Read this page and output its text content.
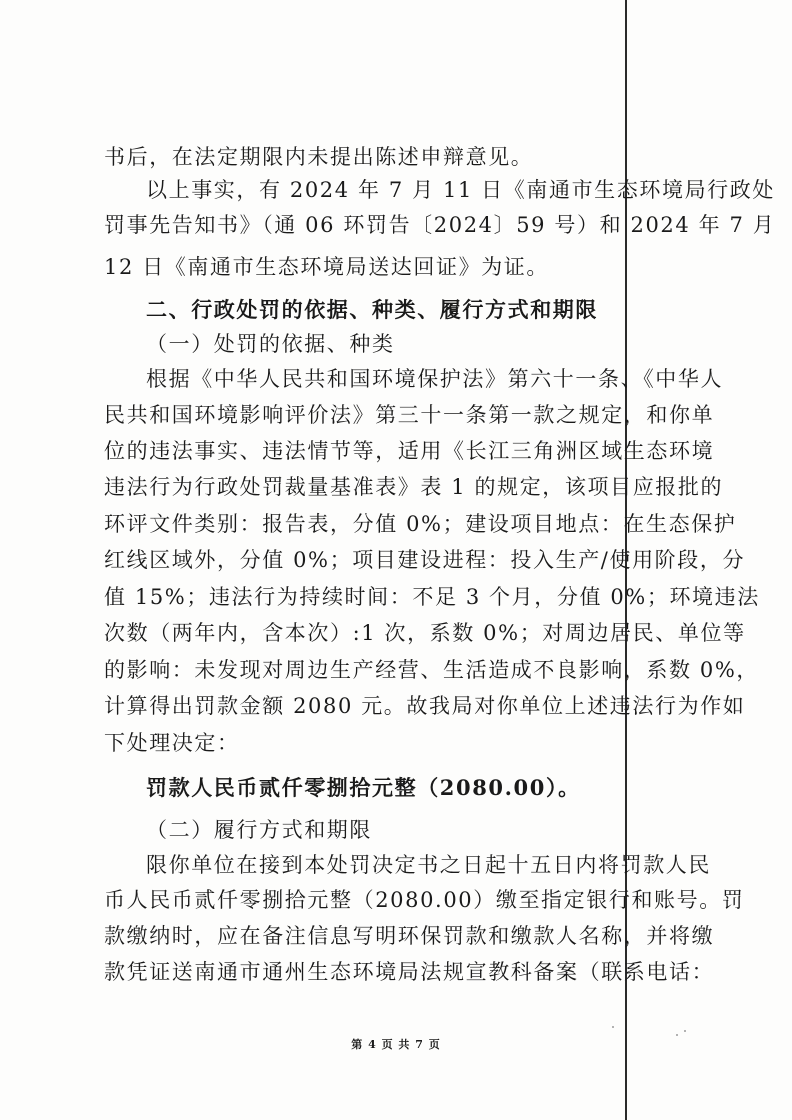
书后，在法定期限内未提出陈述申辩意见。
以上事实，有 2024 年 7 月 11 日《南通市生态环境局行政处
罚事先告知书》（通 06 环罚告〔2024〕59 号）和 2024 年 7 月
12 日《南通市生态环境局送达回证》为证。
二、行政处罚的依据、种类、履行方式和期限
（一）处罚的依据、种类
根据《中华人民共和国环境保护法》第六十一条、《中华人
民共和国环境影响评价法》第三十一条第一款之规定，和你单
位的违法事实、违法情节等，适用《长江三角洲区域生态环境
违法行为行政处罚裁量基准表》表 1 的规定，该项目应报批的
环评文件类别：报告表，分值 0%；建设项目地点：在生态保护
红线区域外，分值 0%；项目建设进程：投入生产/使用阶段，分
值 15%；违法行为持续时间：不足 3 个月，分值 0%；环境违法
次数（两年内，含本次）:1 次，系数 0%；对周边居民、单位等
的影响：未发现对周边生产经营、生活造成不良影响，系数 0%，
计算得出罚款金额 2080 元。故我局对你单位上述违法行为作如
下处理决定：
罚款人民币贰仟零捌拾元整（2080.00）。
（二）履行方式和期限
限你单位在接到本处罚决定书之日起十五日内将罚款人民
币人民币贰仟零捌拾元整（2080.00）缴至指定银行和账号。罚
款缴纳时，应在备注信息写明环保罚款和缴款人名称，并将缴
款凭证送南通市通州生态环境局法规宣教科备案（联系电话：
第 4 页 共 7 页
